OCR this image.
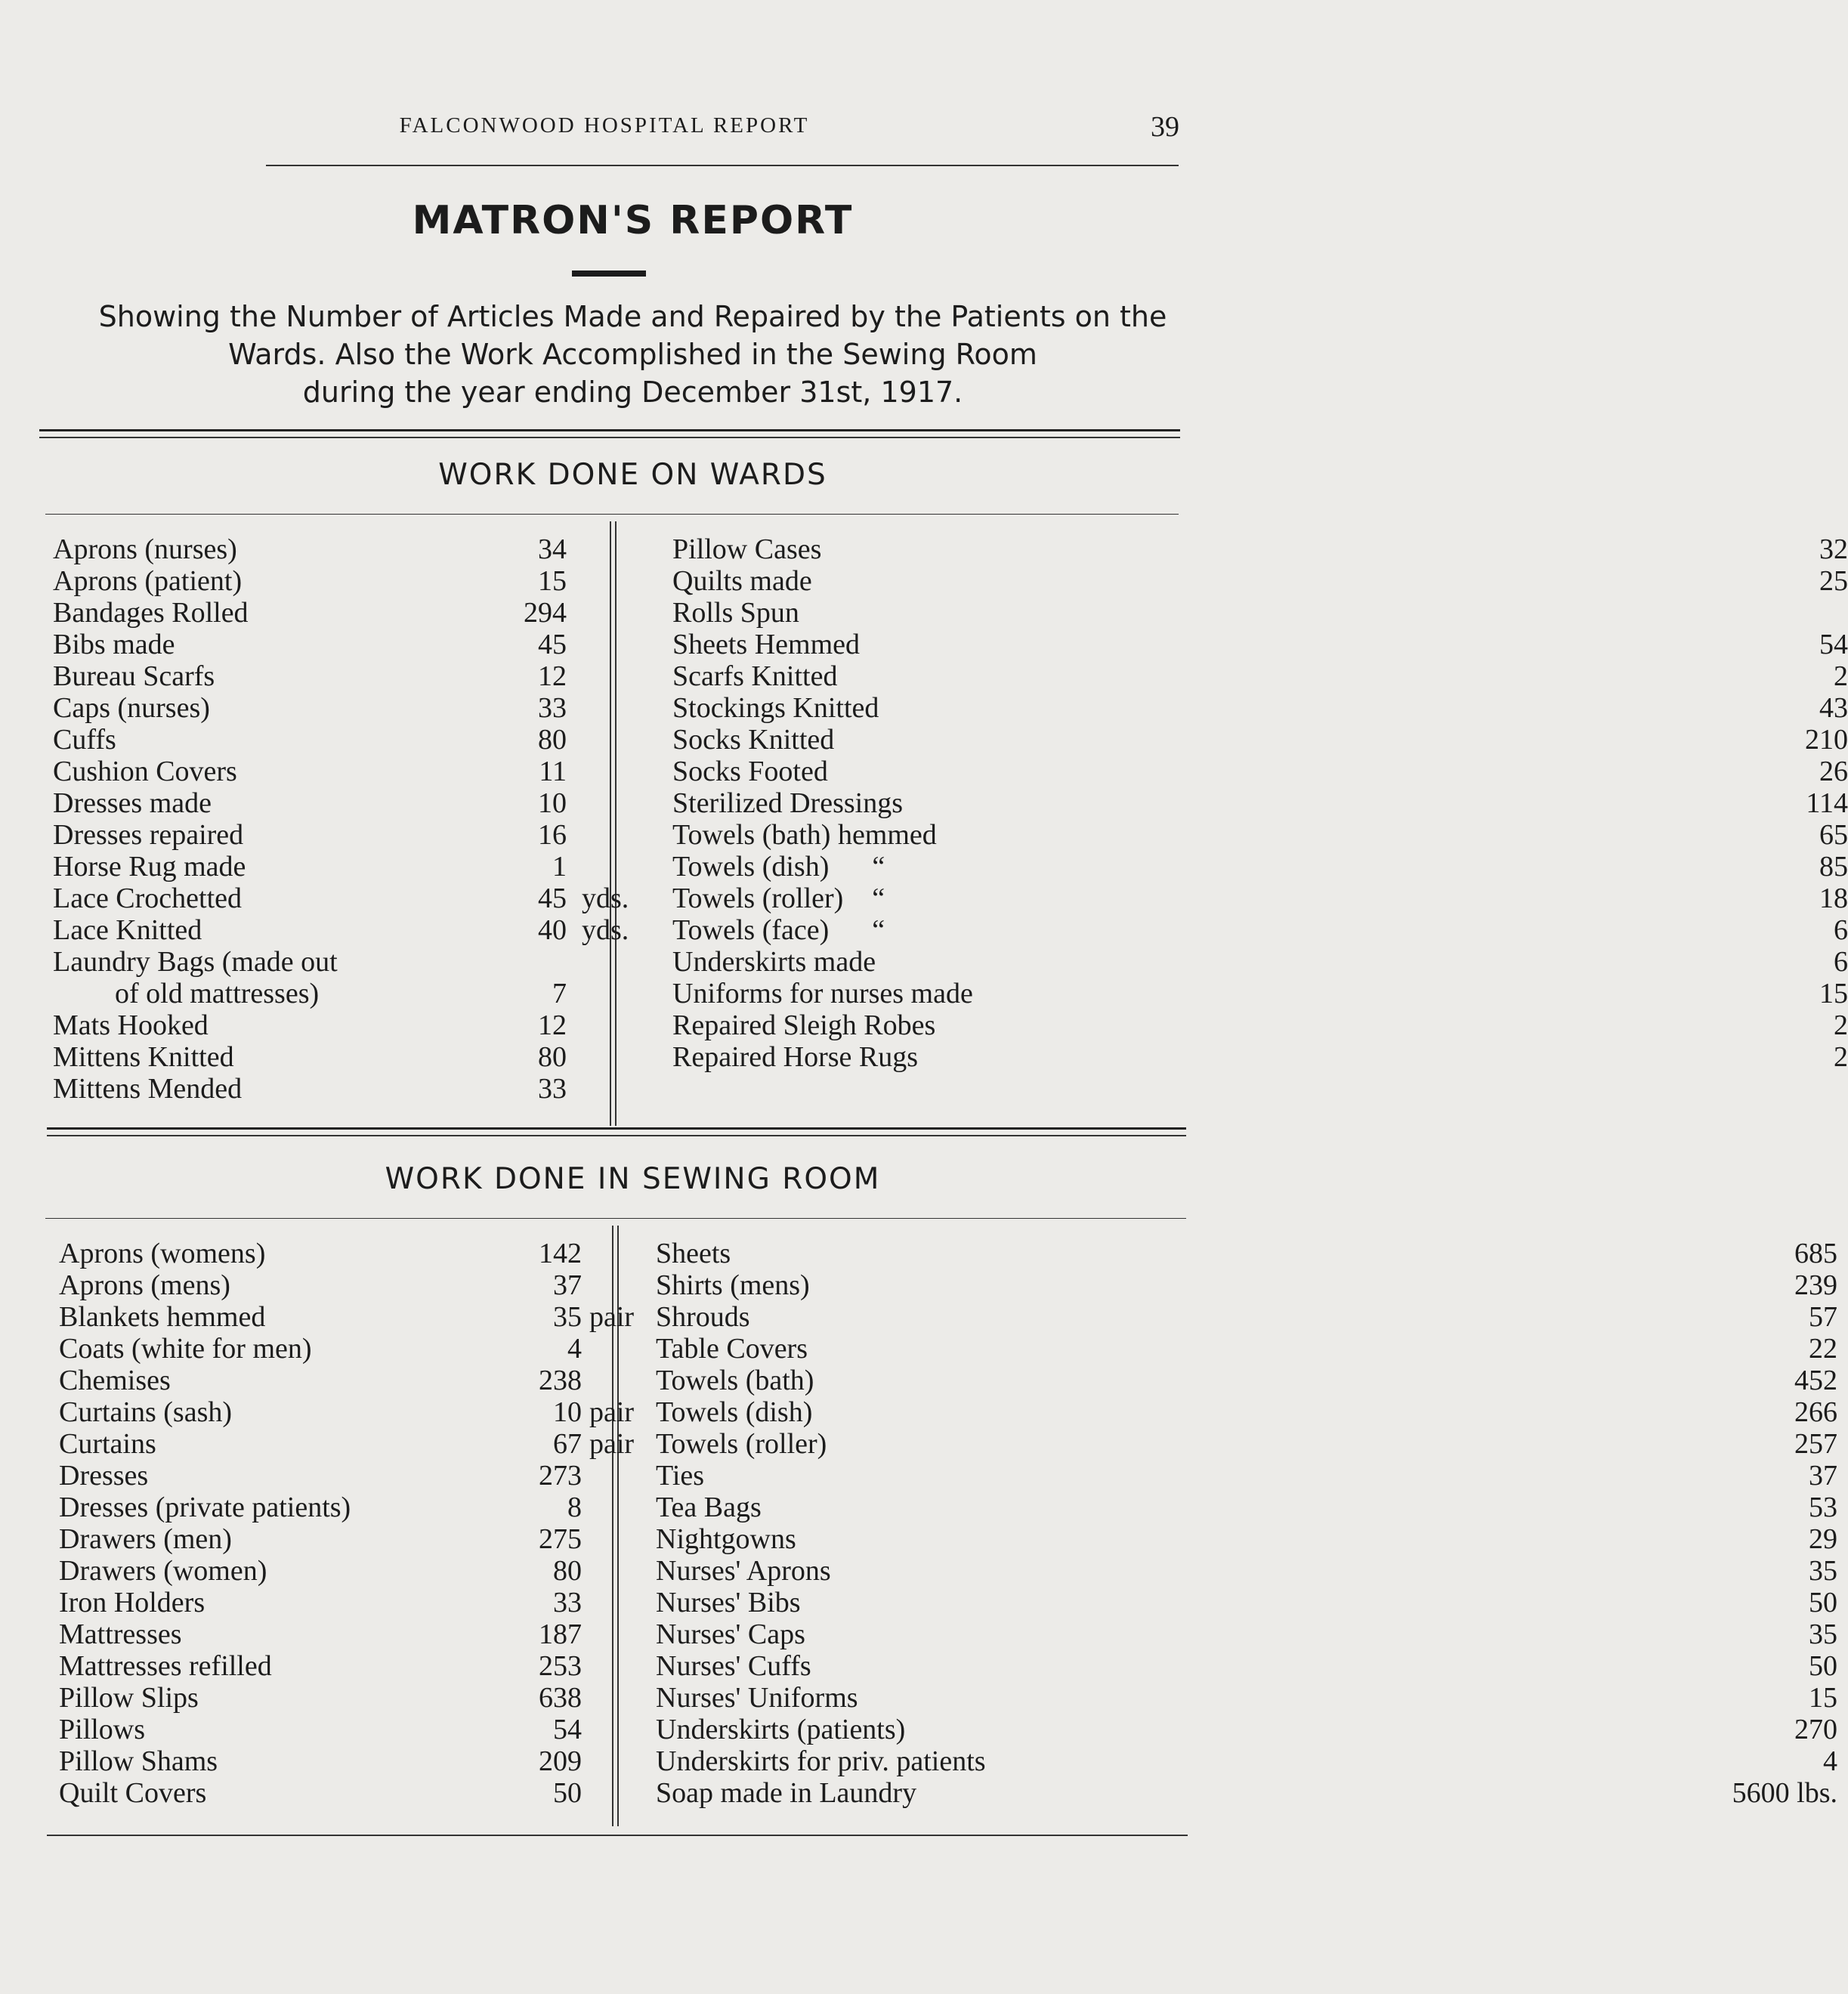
FALCONWOOD HOSPITAL REPORT	39
MATRON'S REPORT
Showing the Number of Articles Made and Repaired by the Patients on the
Wards. Also the Work Accomplished in the Sewing Room
during the year ending December 31st, 1917.
WORK DONE ON WARDS
Aprons (nurses)	34
Aprons (patient)	15
Bandages Rolled	294
Bibs made	45
Bureau Scarfs	12
Caps (nurses)	33
Cuffs	80
Cushion Covers	11
Dresses made	10
Dresses repaired	16
Horse Rug made	1
Lace Crochetted	45 yds.
Lace Knitted	40 yds.
Laundry Bags (made out
of old mattresses)	7
Mats Hooked	12
Mittens Knitted	80
Mittens Mended	33
Pillow Cases	32
Quilts made	25
Rolls Spun
Sheets Hemmed	54
Scarfs Knitted	2
Stockings Knitted	43
Socks Knitted	210
Socks Footed	26
Sterilized Dressings	114
Towels (bath) hemmed	65
Towels (dish)      “	85
Towels (roller)    “	18
Towels (face)      “	6
Underskirts made	6
Uniforms for nurses made	15
Repaired Sleigh Robes	2
Repaired Horse Rugs	2
WORK DONE IN SEWING ROOM
Aprons (womens)	142
Aprons (mens)	37
Blankets hemmed	35 pair
Coats (white for men)	4
Chemises	238
Curtains (sash)	10 pair
Curtains	67 pair
Dresses	273
Dresses (private patients)	8
Drawers (men)	275
Drawers (women)	80
Iron Holders	33
Mattresses	187
Mattresses refilled	253
Pillow Slips	638
Pillows	54
Pillow Shams	209
Quilt Covers	50
Sheets	685
Shirts (mens)	239
Shrouds	57
Table Covers	22
Towels (bath)	452
Towels (dish)	266
Towels (roller)	257
Ties	37
Tea Bags	53
Nightgowns	29
Nurses' Aprons	35
Nurses' Bibs	50
Nurses' Caps	35
Nurses' Cuffs	50
Nurses' Uniforms	15
Underskirts (patients)	270
Underskirts for priv. patients	4
Soap made in Laundry	5600 lbs.
